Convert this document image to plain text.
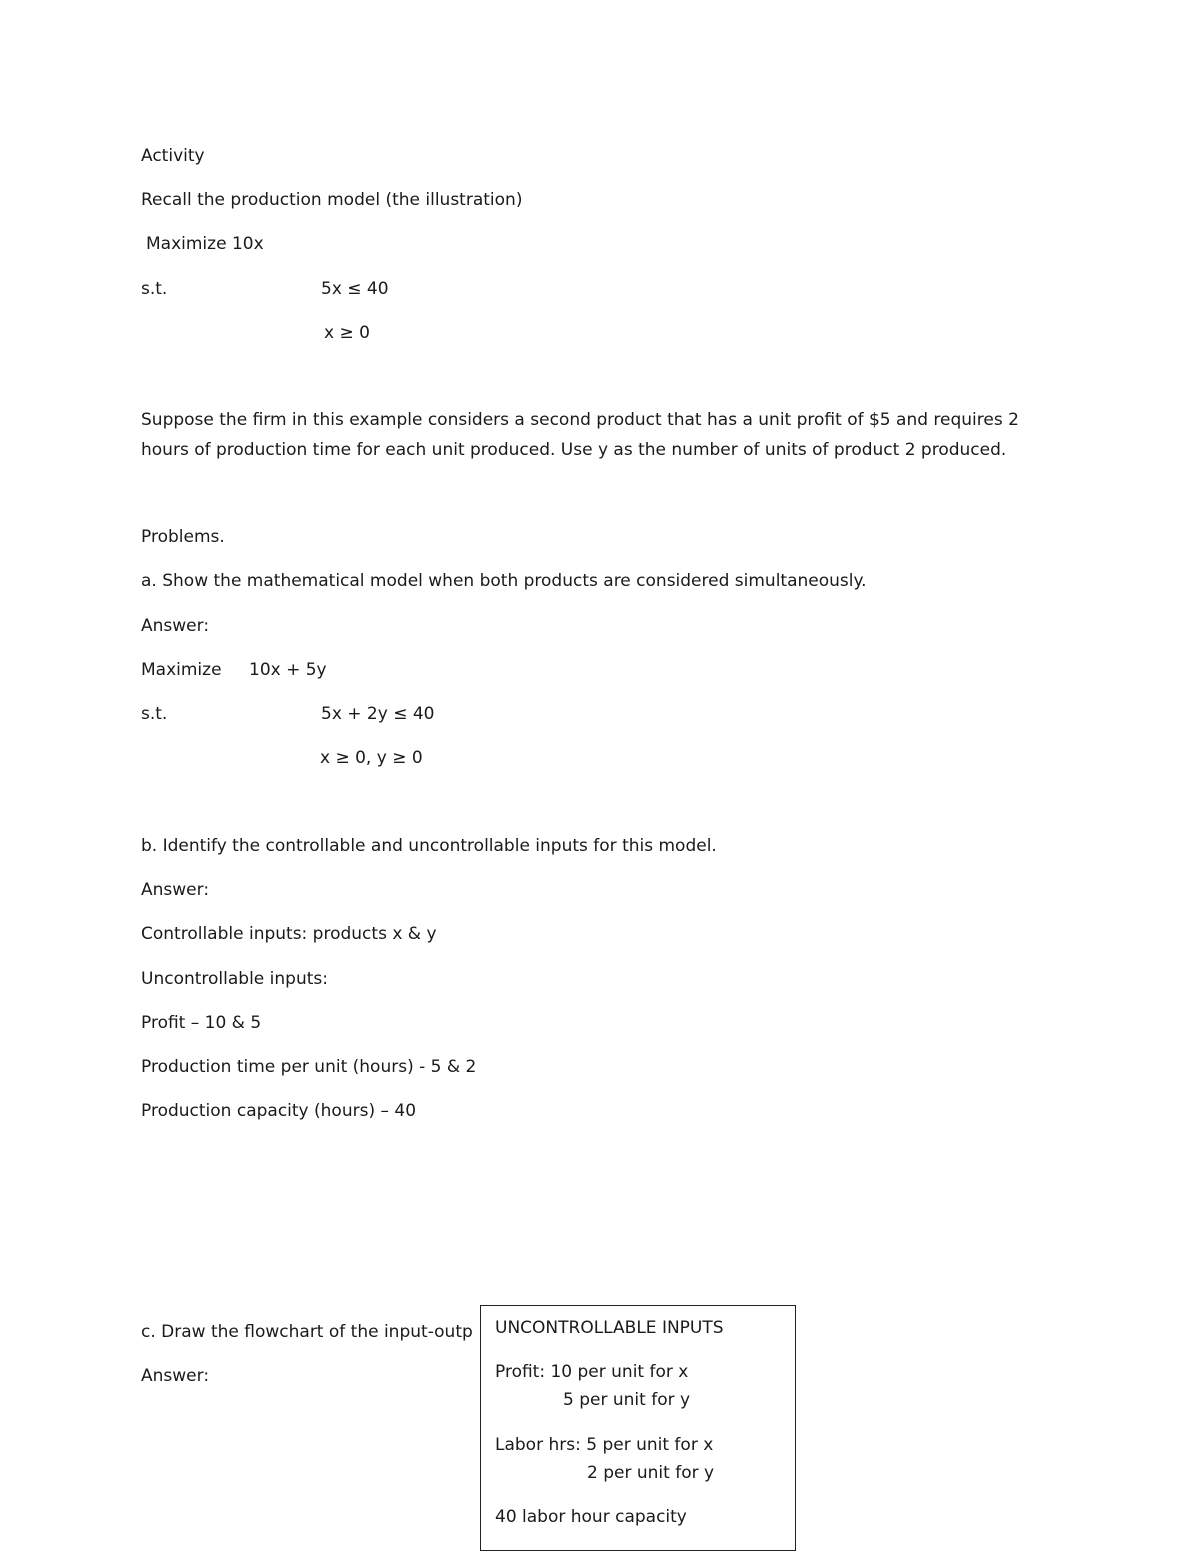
Activity
Recall the production model (the illustration)
Maximize 10x
s.t.	5x ≤ 40
x ≥ 0
Suppose the firm in this example considers a second product that has a unit profit of $5 and requires 2 hours of production time for each unit produced. Use y as the number of units of product 2 produced.
Problems.
a. Show the mathematical model when both products are considered simultaneously.
Answer:
Maximize 10x + 5y
s.t.	5x + 2y ≤ 40
x ≥ 0, y ≥ 0
b. Identify the controllable and uncontrollable inputs for this model.
Answer:
Controllable inputs: products x & y
Uncontrollable inputs:
Profit – 10 & 5
Production time per unit (hours) - 5 & 2
Production capacity (hours) – 40
c. Draw the flowchart of the input-outp
Answer:
UNCONTROLLABLE INPUTS
Profit: 10 per unit for x
5 per unit for y
Labor hrs: 5 per unit for x
2 per unit for y
40 labor hour capacity
